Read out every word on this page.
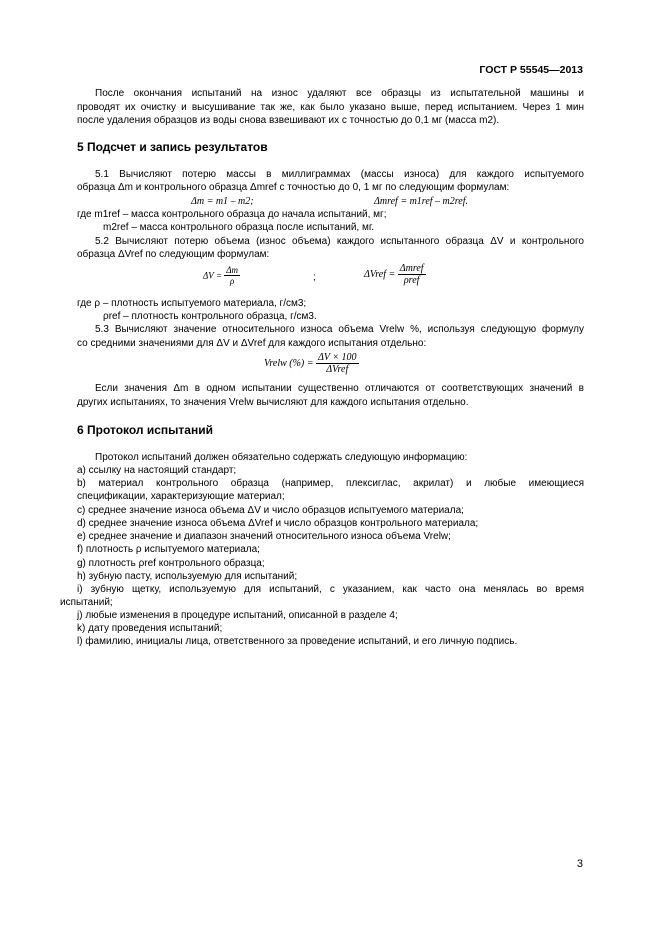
ГОСТ Р 55545—2013
После окончания испытаний на износ удаляют все образцы из испытательной машины и
проводят их очистку и высушивание так же, как было указано выше, перед испытанием. Через 1 мин
после удаления образцов из воды снова взвешивают их с точностью до 0,1 мг (масса m2).
5 Подсчет и запись результатов
5.1 Вычисляют потерю массы в миллиграммах (массы износа) для каждого испытуемого
образца Δm и контрольного образца Δmref с точностью до 0, 1 мг по следующим формулам:
Δm = m1 – m2;	Δmref = m1ref – m2ref.
где m1ref – масса контрольного образца до начала испытаний, мг;
m2ref – масса контрольного образца после испытаний, мг.
5.2 Вычисляют потерю объема (износ объема) каждого испытанного образца ΔV и контрольного
образца ΔVref по следующим формулам:
$\Delta V = \frac{\Delta m}{\rho}$	;	ΔVref = $\frac{\text{Δmref}}{\text{ρref}}$
где ρ – плотность испытуемого материала, г/см3;
ρref – плотность контрольного образца, г/см3.
5.3 Вычисляют значение относительного износа объема Vrelw %, используя следующую формулу
со средними значениями для ΔV и ΔVref для каждого испытания отдельно:
Vrelw (%) = $\frac{\Delta V \times 100}{\text{ΔVref}}$
Если значения Δm в одном испытании существенно отличаются от соответствующих значений в
других испытаниях, то значения Vrelw вычисляют для каждого испытания отдельно.
6 Протокол испытаний
Протокол испытаний должен обязательно содержать следующую информацию:
а) ссылку на настоящий стандарт;
b) материал контрольного образца (например, плексиглас, акрилат) и любые имеющиеся
спецификации, характеризующие материал;
c) среднее значение износа объема ΔV и число образцов испытуемого материала;
d) среднее значение износа объема ΔVref и число образцов контрольного материала;
e) среднее значение и диапазон значений относительного износа объема Vrelw;
f) плотность ρ испытуемого материала;
g) плотность ρref контрольного образца;
h) зубную пасту, используемую для испытаний;
i) зубную щетку, используемую для испытаний, с указанием, как часто она менялась во время
испытаний;
j) любые изменения в процедуре испытаний, описанной в разделе 4;
k) дату проведения испытаний;
l) фамилию, инициалы лица, ответственного за проведение испытаний, и его личную подпись.
3
